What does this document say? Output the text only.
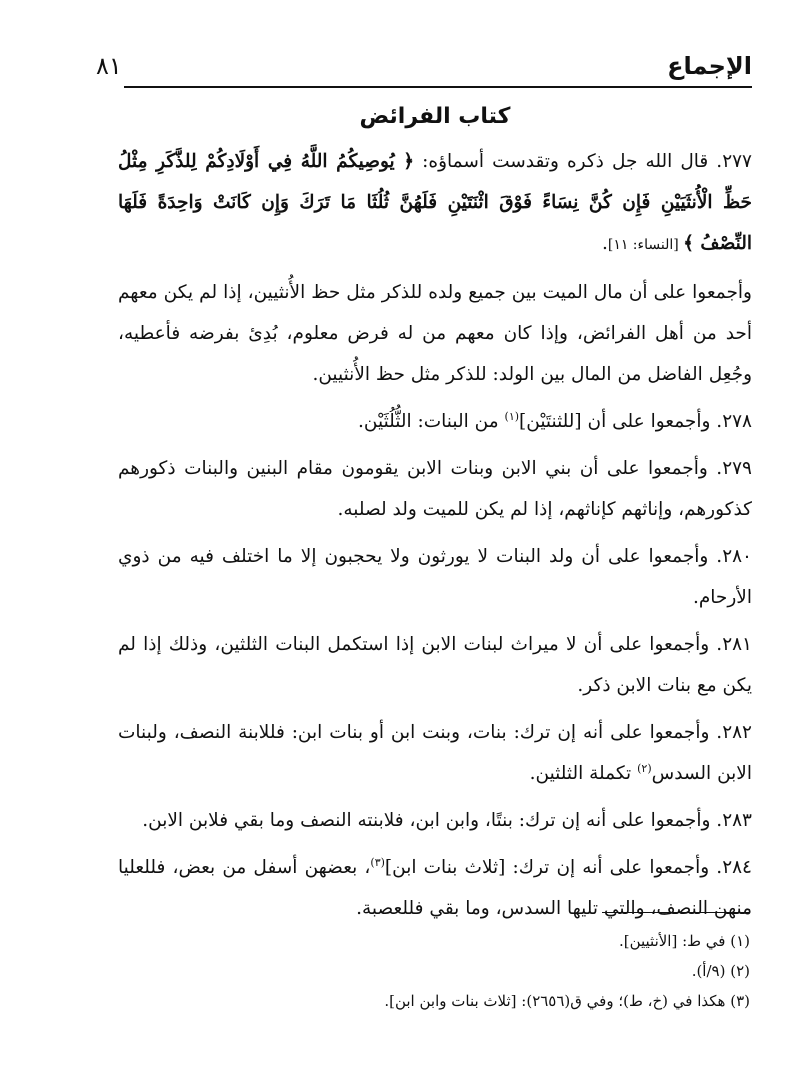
الإجماع
٨١
كتاب الفرائض

٢٧٧. قال الله جل ذكره وتقدست أسماؤه: ﴿ يُوصِيكُمُ اللَّهُ فِي أَوْلَادِكُمْ لِلذَّكَرِ مِثْلُ حَظِّ الْأُنثَيَيْنِ فَإِن كُنَّ نِسَاءً فَوْقَ اثْنَتَيْنِ فَلَهُنَّ ثُلُثَا مَا تَرَكَ وَإِن كَانَتْ وَاحِدَةً فَلَهَا النِّصْفُ ﴾ [النساء: ١١].

وأجمعوا على أن مال الميت بين جميع ولده للذكر مثل حظ الأُنثيين، إذا لم يكن معهم أحد من أهل الفرائض، وإذا كان معهم من له فرض معلوم، بُدِئ بفرضه فأعطيه، وجُعِل الفاضل من المال بين الولد: للذكر مثل حظ الأُنثيين.

٢٧٨. وأجمعوا على أن [للثنتَيْن]$^{(١)}$ من البنات: الثُّلُثَيْن.

٢٧٩. وأجمعوا على أن بني الابن وبنات الابن يقومون مقام البنين والبنات ذكورهم كذكورهم، وإناثهم كإناثهم، إذا لم يكن للميت ولد لصلبه.

٢٨٠. وأجمعوا على أن ولد البنات لا يورثون ولا يحجبون إلا ما اختلف فيه من ذوي الأرحام.

٢٨١. وأجمعوا على أن لا ميراث لبنات الابن إذا استكمل البنات الثلثين، وذلك إذا لم يكن مع بنات الابن ذكر.

٢٨٢. وأجمعوا على أنه إن ترك: بنات، وبنت ابن أو بنات ابن: فللابنة النصف، ولبنات الابن السدس$^{(٢)}$ تكملة الثلثين.

٢٨٣. وأجمعوا على أنه إن ترك: بنتًا، وابن ابن، فلابنته النصف وما بقي فلابن الابن.

٢٨٤. وأجمعوا على أنه إن ترك: [ثلاث بنات ابن]$^{(٣)}$، بعضهن أسفل من بعض، فللعليا منهن النصف، والتي تليها السدس، وما بقي فللعصبة.

(١) في ط: [الأنثيين].
(٢) (٩/أ).
(٣) هكذا في (خ، ط)؛ وفي ق(٢٦٥٦): [ثلاث بنات وابن ابن].
